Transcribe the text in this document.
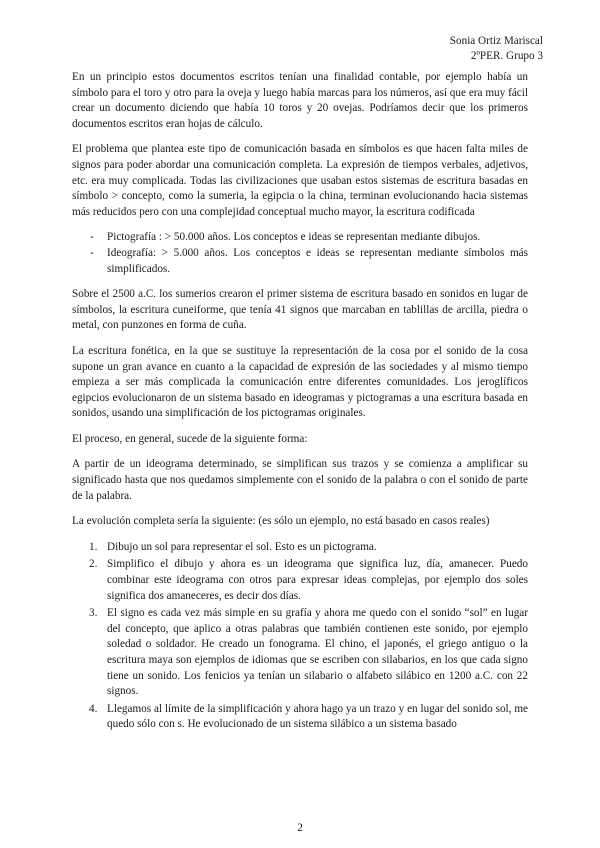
Sonia Ortiz Mariscal
2ºPER. Grupo 3

En un principio estos documentos escritos tenían una finalidad contable, por ejemplo había un símbolo para el toro y otro para la oveja y luego había marcas para los números, así que era muy fácil crear un documento diciendo que había 10 toros y 20 ovejas. Podríamos decir que los primeros documentos escritos eran hojas de cálculo.

El problema que plantea este tipo de comunicación basada en símbolos es que hacen falta miles de signos para poder abordar una comunicación completa. La expresión de tiempos verbales, adjetivos, etc. era muy complicada. Todas las civilizaciones que usaban estos sistemas de escritura basadas en símbolo > concepto, como la sumeria, la egipcia o la china, terminan evolucionando hacia sistemas más reducidos pero con una complejidad conceptual mucho mayor, la escritura codificada

- Pictografía : > 50.000 años. Los conceptos e ideas se representan mediante dibujos.
- Ideografía: > 5.000 años. Los conceptos e ideas se representan mediante símbolos más simplificados.

Sobre el 2500 a.C. los sumerios crearon el primer sistema de escritura basado en sonidos en lugar de símbolos, la escritura cuneiforme, que tenía 41 signos que marcaban en tablillas de arcilla, piedra o metal, con punzones en forma de cuña.

La escritura fonética, en la que se sustituye la representación de la cosa por el sonido de la cosa supone un gran avance en cuanto a la capacidad de expresión de las sociedades y al mismo tiempo empieza a ser más complicada la comunicación entre diferentes comunidades. Los jeroglíficos egipcios evolucionaron de un sistema basado en ideogramas y pictogramas a una escritura basada en sonidos, usando una simplificación de los pictogramas originales.

El proceso, en general, sucede de la siguiente forma:

A partir de un ideograma determinado, se simplifican sus trazos y se comienza a amplificar su significado hasta que nos quedamos simplemente con el sonido de la palabra o con el sonido de parte de la palabra.

La evolución completa sería la siguiente: (es sólo un ejemplo, no está basado en casos reales)

1. Dibujo un sol para representar el sol. Esto es un pictograma.
2. Simplifico el dibujo y ahora es un ideograma que significa luz, día, amanecer. Puedo combinar este ideograma con otros para expresar ideas complejas, por ejemplo dos soles significa dos amaneceres, es decir dos días.
3. El signo es cada vez más simple en su grafía y ahora me quedo con el sonido “sol” en lugar del concepto, que aplico a otras palabras que también contienen este sonido, por ejemplo soledad o soldador. He creado un fonograma. El chino, el japonés, el griego antiguo o la escritura maya son ejemplos de idiomas que se escriben con silabarios, en los que cada signo tiene un sonido. Los fenicios ya tenían un silabario o alfabeto silábico en 1200 a.C. con 22 signos.
4. Llegamos al límite de la simplificación y ahora hago ya un trazo y en lugar del sonido sol, me quedo sólo con s. He evolucionado de un sistema silábico a un sistema basado
2
